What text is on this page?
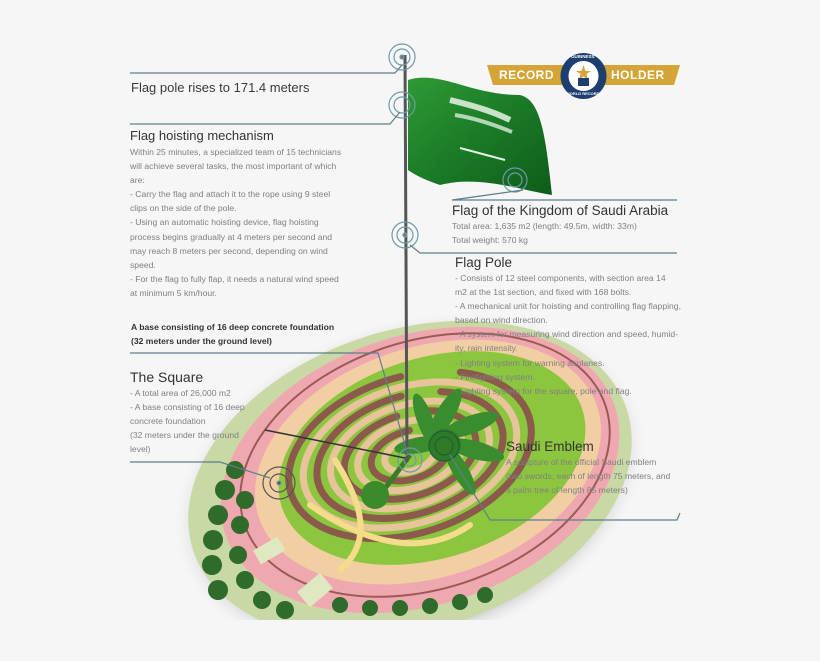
RECORD	HOLDER
GUINNESS
WORLD RECORDS
Flag pole rises to 171.4 meters
Flag hoisting mechanism
Within 25 minutes, a specialized team of 15 technicians
will achieve several tasks, the most important of which
are:
- Carry the flag and attach it to the rope using 9 steel
clips on the side of the pole.
- Using an automatic hoisting device, flag hoisting
process begins gradually at 4 meters per second and
may reach 8 meters per second, depending on wind
speed.
- For the flag to fully flap, it needs a natural wind speed
at minimum 5 km/hour.
A base consisting of 16 deep concrete foundation
(32 meters under the ground level)
The Square
- A total area of 26,000 m2
- A base consisting of 16 deep
concrete foundation
(32 meters under the ground
level)
Flag of the Kingdom of Saudi Arabia
Total area: 1,635 m2 (length: 49.5m, width: 33m)
Total weight: 570 kg
Flag Pole
- Consists of 12 steel components, with section area 14
m2 at the 1st section, and fixed with 168 bolts.
- A mechanical unit for hoisting and controlling flag flapping,
based on wind direction.
- A system for measuring wind direction and speed, humid-
ity, rain intensity.
- Lighting system for warning airplanes.
- Firefighting system.
- Lighting system for the square, pole and flag.
Saudi Emblem
A sculpture of the official Saudi emblem
(two swords, each of length 75 meters, and
a palm tree of length 85 meters)
